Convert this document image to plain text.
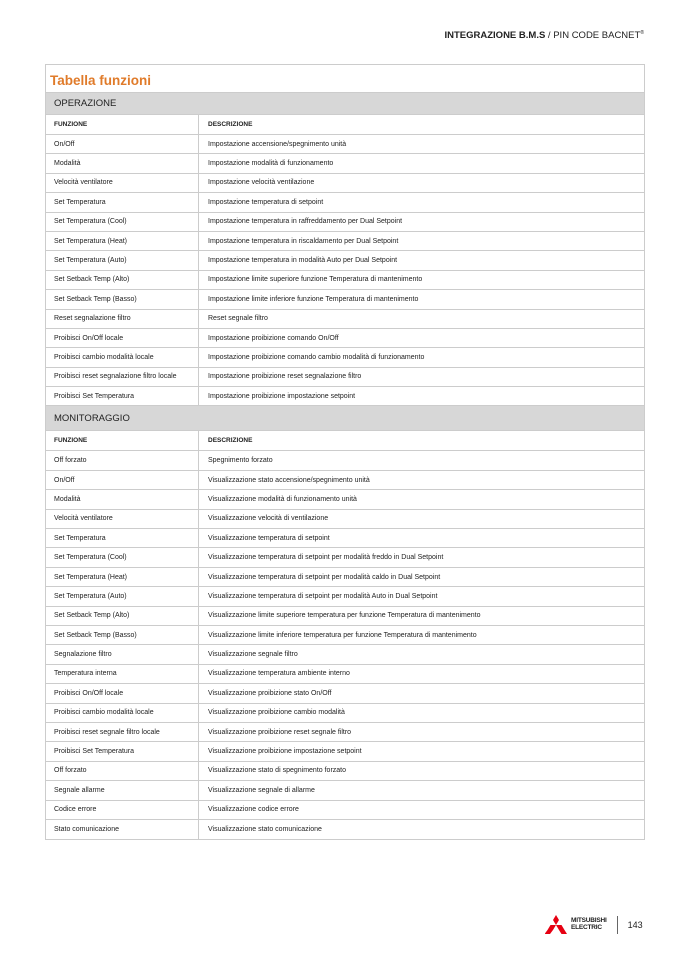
INTEGRAZIONE B.M.S / PIN CODE BACNET®
Tabella funzioni
OPERAZIONE
FUNZIONE	DESCRIZIONE
On/Off	Impostazione accensione/spegnimento unità
Modalità	Impostazione modalità di funzionamento
Velocità ventilatore	Impostazione velocità ventilazione
Set Temperatura	Impostazione temperatura di setpoint
Set Temperatura (Cool)	Impostazione temperatura in raffreddamento per Dual Setpoint
Set Temperatura (Heat)	Impostazione temperatura in riscaldamento per Dual Setpoint
Set Temperatura (Auto)	Impostazione temperatura in modalità Auto per Dual Setpoint
Set Setback Temp (Alto)	Impostazione limite superiore funzione Temperatura di mantenimento
Set Setback Temp (Basso)	Impostazione limite inferiore funzione Temperatura di mantenimento
Reset segnalazione filtro	Reset segnale filtro
Proibisci On/Off locale	Impostazione proibizione comando On/Off
Proibisci cambio modalità locale	Impostazione proibizione comando cambio modalità di funzionamento
Proibisci reset segnalazione filtro locale	Impostazione proibizione reset segnalazione filtro
Proibisci Set Temperatura	Impostazione proibizione impostazione setpoint
MONITORAGGIO
FUNZIONE	DESCRIZIONE
Off forzato	Spegnimento forzato
On/Off	Visualizzazione stato accensione/spegnimento unità
Modalità	Visualizzazione modalità di funzionamento unità
Velocità ventilatore	Visualizzazione velocità di ventilazione
Set Temperatura	Visualizzazione temperatura di setpoint
Set Temperatura (Cool)	Visualizzazione temperatura di setpoint per modalità freddo in Dual Setpoint
Set Temperatura (Heat)	Visualizzazione temperatura di setpoint per modalità caldo in Dual Setpoint
Set Temperatura (Auto)	Visualizzazione temperatura di setpoint per modalità Auto in Dual Setpoint
Set Setback Temp (Alto)	Visualizzazione limite superiore temperatura per funzione Temperatura di mantenimento
Set Setback Temp (Basso)	Visualizzazione limite inferiore temperatura per funzione Temperatura di mantenimento
Segnalazione filtro	Visualizzazione segnale filtro
Temperatura interna	Visualizzazione temperatura ambiente interno
Proibisci On/Off locale	Visualizzazione proibizione stato On/Off
Proibisci cambio modalità locale	Visualizzazione proibizione cambio modalità
Proibisci reset segnale filtro locale	Visualizzazione proibizione reset segnale filtro
Proibisci Set Temperatura	Visualizzazione proibizione impostazione setpoint
Off forzato	Visualizzazione stato di spegnimento forzato
Segnale allarme	Visualizzazione segnale di allarme
Codice errore	Visualizzazione codice errore
Stato comunicazione	Visualizzazione stato comunicazione
MITSUBISHI
ELECTRIC	143
